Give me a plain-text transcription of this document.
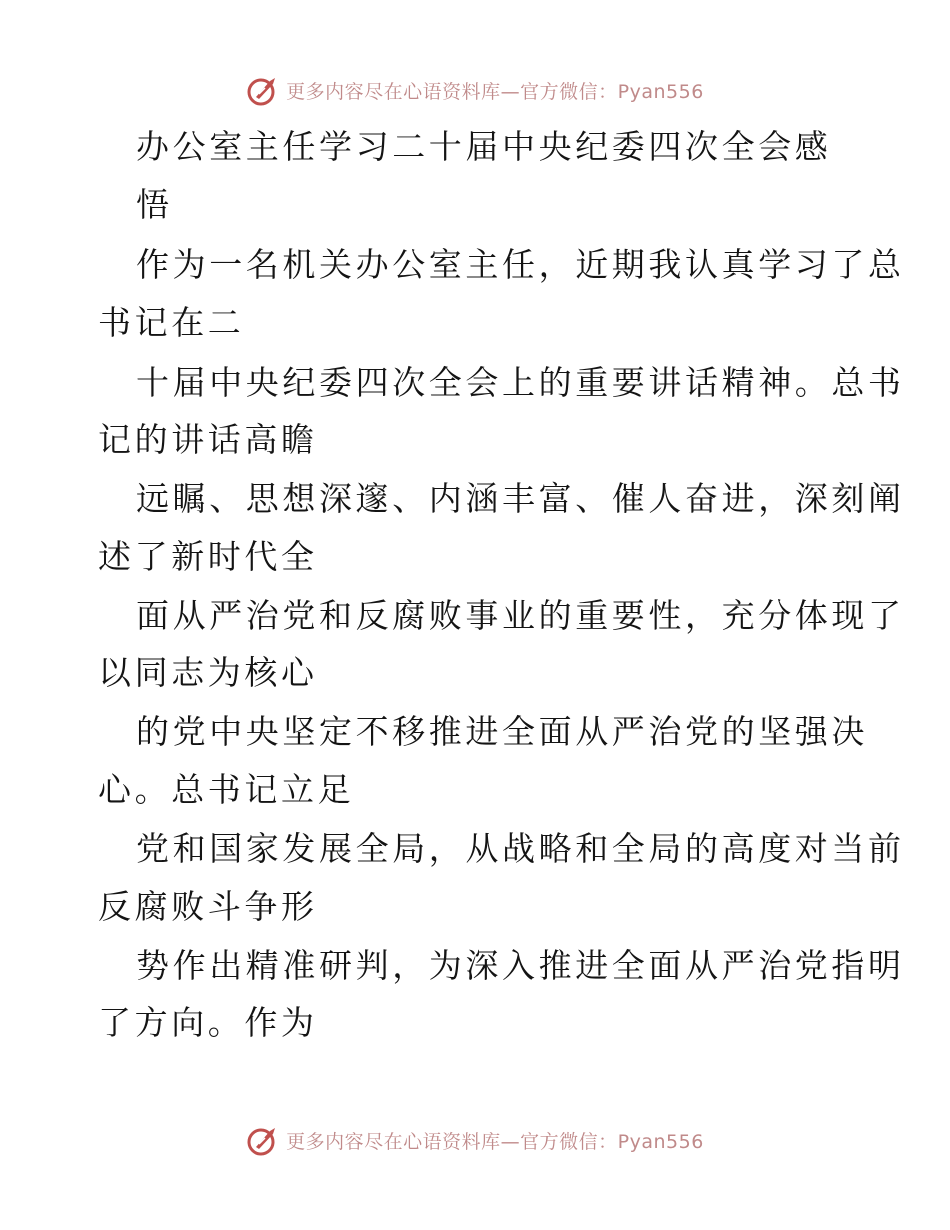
更多内容尽在心语资料库—官方微信：Pyan556
办公室主任学习二十届中央纪委四次全会感
悟
作为一名机关办公室主任，近期我认真学习了总
书记在二
十届中央纪委四次全会上的重要讲话精神。总书
记的讲话高瞻
远瞩、思想深邃、内涵丰富、催人奋进，深刻阐
述了新时代全
面从严治党和反腐败事业的重要性，充分体现了
以同志为核心
的党中央坚定不移推进全面从严治党的坚强决
心。总书记立足
党和国家发展全局，从战略和全局的高度对当前
反腐败斗争形
势作出精准研判，为深入推进全面从严治党指明
了方向。作为
更多内容尽在心语资料库—官方微信：Pyan556
